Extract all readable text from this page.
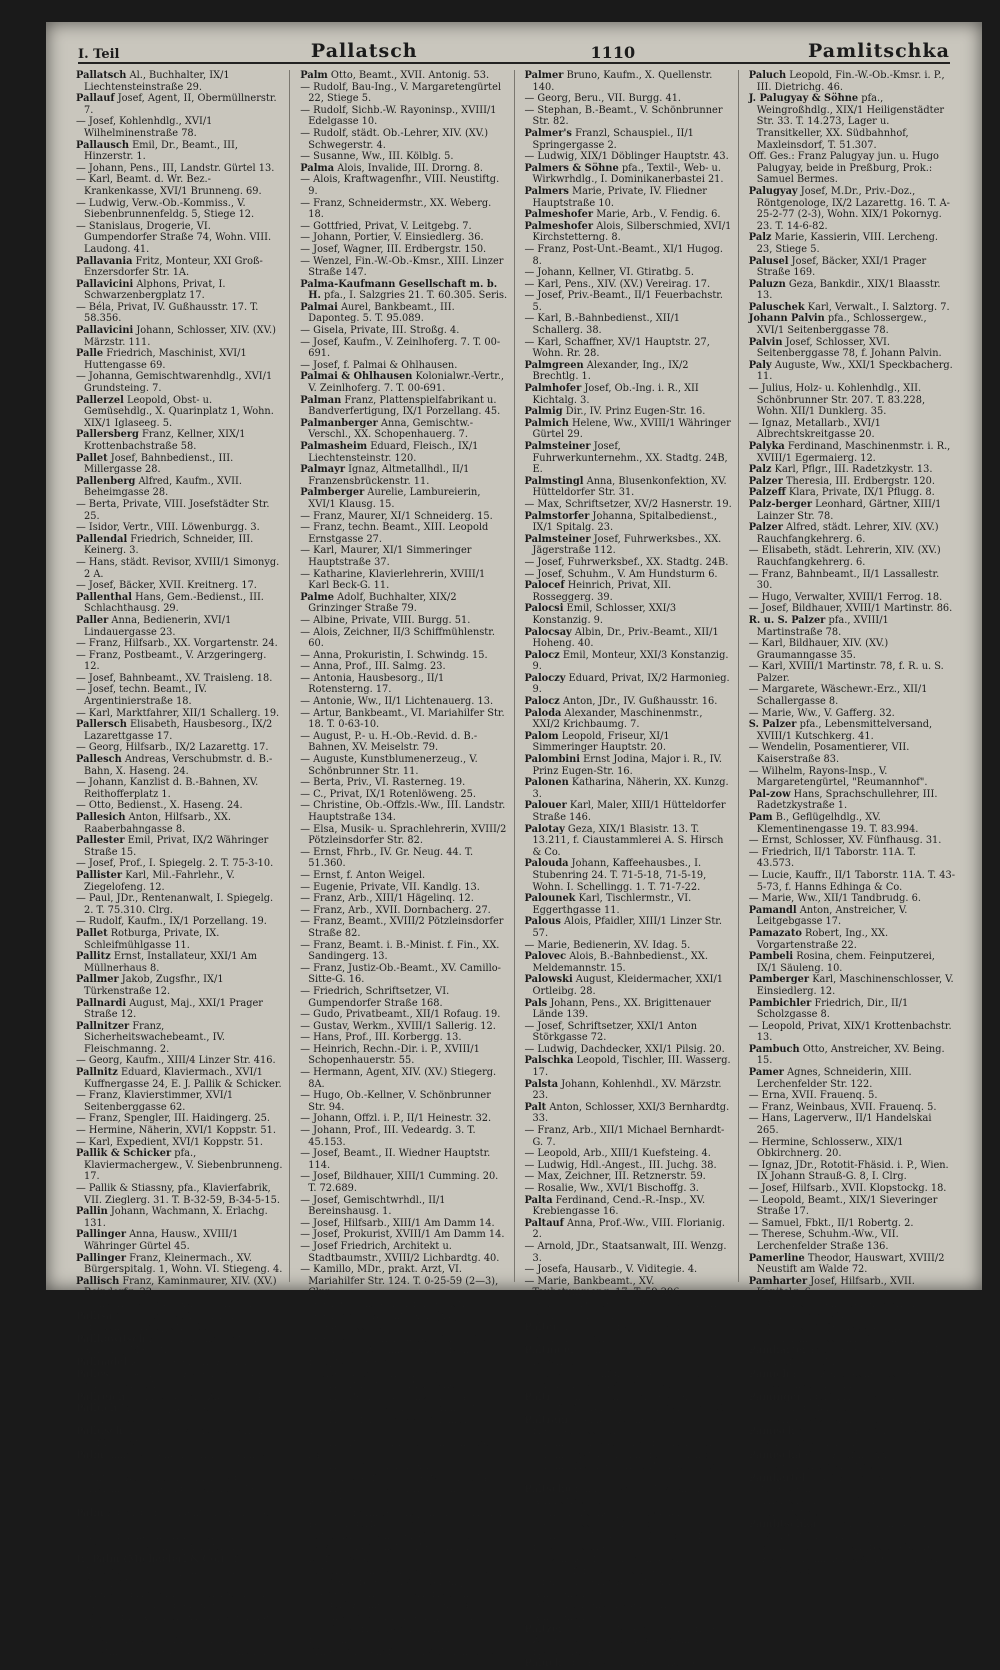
I. Teil	Pallatsch	1110	Pamlitschka

Pallatsch Al., Buchhalter, IX/1 Liechtensteinstraße 29.

Pallauf Josef, Agent, II, Obermüllnerstr. 7.

— Josef, Kohlenhdlg., XVI/1 Wilhelminenstraße 78.

Pallausch Emil, Dr., Beamt., III, Hinzerstr. 1.

— Johann, Pens., III, Landstr. Gürtel 13.

— Karl, Beamt. d. Wr. Bez.-Krankenkasse, XVI/1 Brunneng. 69.

— Ludwig, Verw.-Ob.-Kommiss., V. Siebenbrunnenfeldg. 5, Stiege 12.

— Stanislaus, Drogerie, VI. Gumpendorfer Straße 74, Wohn. VIII. Laudong. 41.

Pallavania Fritz, Monteur, XXI Groß-Enzersdorfer Str. 1A.

Pallavicini Alphons, Privat, I. Schwarzenbergplatz 17.

— Béla, Privat, IV. Gußhausstr. 17. T. 58.356.

Pallavicini Johann, Schlosser, XIV. (XV.) Märzstr. 111.

Palle Friedrich, Maschinist, XVI/1 Huttengasse 69.

— Johanna, Gemischtwarenhdlg., XVI/1 Grundsteing. 7.

Pallerzel Leopold, Obst- u. Gemüsehdlg., X. Quarinplatz 1, Wohn. XIX/1 Iglaseeg. 5.

Pallersberg Franz, Kellner, XIX/1 Krottenbachstraße 58.

Pallet Josef, Bahnbedienst., III. Millergasse 28.

Pallenberg Alfred, Kaufm., XVII. Beheimgasse 28.

— Berta, Private, VIII. Josefstädter Str. 25.

— Isidor, Vertr., VIII. Löwenburgg. 3.

Pallendal Friedrich, Schneider, III. Keinerg. 3.

— Hans, städt. Revisor, XVIII/1 Simonyg. 2 A.

— Josef, Bäcker, XVII. Kreitnerg. 17.

Pallenthal Hans, Gem.-Bedienst., III. Schlachthausg. 29.

Paller Anna, Bedienerin, XVI/1 Lindauergasse 23.

— Franz, Hilfsarb., XX. Vorgartenstr. 24.

— Franz, Postbeamt., V. Arzgeringerg. 12.

— Josef, Bahnbeamt., XV. Traisleng. 18.

— Josef, techn. Beamt., IV. Argentinierstraße 18.

— Karl, Marktfahrer, XII/1 Schallerg. 19.

Pallersch Elisabeth, Hausbesorg., IX/2 Lazarettgasse 17.

— Georg, Hilfsarb., IX/2 Lazarettg. 17.

Pallesch Andreas, Verschubmstr. d. B.-Bahn, X. Haseng. 24.

— Johann, Kanzlist d. B.-Bahnen, XV. Reithofferplatz 1.

— Otto, Bedienst., X. Haseng. 24.

Pallesich Anton, Hilfsarb., XX. Raaberbahngasse 8.

Pallester Emil, Privat, IX/2 Währinger Straße 15.

— Josef, Prof., I. Spiegelg. 2. T. 75-3-10.

Pallister Karl, Mil.-Fahrlehr., V. Ziegelofeng. 12.

— Paul, JDr., Rentenanwalt, I. Spiegelg. 2. T. 75.310. Clrg.

— Rudolf, Kaufm., IX/1 Porzellang. 19.

Pallet Rotburga, Private, IX. Schleifmühlgasse 11.

Pallitz Ernst, Installateur, XXI/1 Am Müllnerhaus 8.

Pallmer Jakob, Zugsfhr., IX/1 Türkenstraße 12.

Pallnardi August, Maj., XXI/1 Prager Straße 12.

Pallnitzer Franz, Sicherheitswachebeamt., IV. Fleischmanng. 2.

— Georg, Kaufm., XIII/4 Linzer Str. 416.

Pallnitz Eduard, Klaviermach., XVI/1 Kuffnergasse 24, E. J. Pallik & Schicker.

— Franz, Klavierstimmer, XVI/1 Seitenberggasse 62.

— Franz, Spengler, III. Haidingerg. 25.

— Hermine, Näherin, XVI/1 Koppstr. 51.

— Karl, Expedient, XVI/1 Koppstr. 51.

Pallik & Schicker pfa., Klaviermachergew., V. Siebenbrunneng. 17.

— Pallik & Stiassny, pfa., Klavierfabrik, VII. Zieglerg. 31. T. B-32-59, B-34-5-15.

Pallin Johann, Wachmann, X. Erlachg. 131.

Pallinger Anna, Hausw., XVIII/1 Währinger Gürtel 45.

Pallinger Franz, Kleinermach., XV. Bürgerspitalg. 1, Wohn. VI. Stiegeng. 4.

Pallisch Franz, Kaminmaurer, XIV. (XV.) Reindorfg. 22.

— Johann, Gerüster, XX. Spaung. 22.

Pallisa Nikolaus, Kaufm., XIII/1 Hietzinger Hauptstr. 109.

Pallkowitsch Friedrich, Installateur, XIV.(XV.) Märzstr. 80.

Pallnadel Karl, Dreher, III. Keinerg. 3.

Pallos Leopold Paul, Kapellmstr., IV. Mittersteig 3A.

Pallreich A., Private, VII. Zieglerg. 47.

Palluch Marie, Papierhdlg., XVIII/1 Gentzgasse 118.

Pallusch Alois, Fuhrwerksbes., XIII/1 Wiffingerstr. 29.

Palm Anna, Wäscherin, XIX/1 Sollingerg. 23.

— Anton, Buchdrucker, IX/1 Badg. 1.

— Hermine, Papierhdlg., XVIII/1 Genzg. 69.

Palm Eduard, Hdl.-Agent, III. Hörnesg. 17.

— Elsa, Bildnerin, XIX/1 Pokornyg. 5.

— Gabriele, Gesch., XIX/1 Pokornyg. 5.

H. Palm (Michaelerl & Co.) pfa., Amtsschild- u. Wappenmaler, I. Karlsplatz 3.

— Harald, Priv., XIX/1 Pokornyg. 13. T. 71-5-51, Wohn. I. Rollzeile 25.

— Karl, Hdl.-Agentur, XVIII/1 Währinger Straße 138.

— Marie, Priv., XX. Kroatang. 17.

— Mathilde, Private, IV. Favoritenstr. 2.

Palm Otto, Beamt., XVII. Antonig. 53.

— Rudolf, Bau-Ing., V. Margaretengürtel 22, Stiege 5.

— Rudolf, Sichb.-W. Rayoninsp., XVIII/1 Edelgasse 10.

— Rudolf, städt. Ob.-Lehrer, XIV. (XV.) Schwegerstr. 4.

— Susanne, Ww., III. Kölblg. 5.

Palma Alois, Invalide, III. Drorng. 8.

— Alois, Kraftwagenfhr., VIII. Neustiftg. 9.

— Franz, Schneidermstr., XX. Weberg. 18.

— Gottfried, Privat, V. Leitgebg. 7.

— Johann, Portier, V. Einsiedlerg. 36.

— Josef, Wagner, III. Erdbergstr. 150.

— Wenzel, Fin.-W.-Ob.-Kmsr., XIII. Linzer Straße 147.

Palma-Kaufmann Gesellschaft m. b. H. pfa., I. Salzgries 21. T. 60.305. Seris.

Palmai Aurel, Bankbeamt., III. Daponteg. 5. T. 95.089.

— Gisela, Private, III. Stroßg. 4.

— Josef, Kaufm., V. Zeinlhoferg. 7. T. 00-691.

— Josef, f. Palmai & Ohlhausen.

Palmai & Ohlhausen Kolonialwr.-Vertr., V. Zeinlhoferg. 7. T. 00-691.

Palman Franz, Plattenspielfabrikant u. Bandverfertigung, IX/1 Porzellang. 45.

Palmanberger Anna, Gemischtw.-Verschl., XX. Schopenhauerg. 7.

Palmasheim Eduard, Fleisch., IX/1 Liechtensteinstr. 120.

Palmayr Ignaz, Altmetallhdl., II/1 Franzensbrückenstr. 11.

Palmberger Aurelie, Lambureierin, XVI/1 Klausg. 15.

— Franz, Maurer, XI/1 Schneiderg. 15.

— Franz, techn. Beamt., XIII. Leopold Ernstgasse 27.

— Karl, Maurer, XI/1 Simmeringer Hauptstraße 37.

— Katharine, Klavierlehrerin, XVIII/1 Karl Beck-G. 11.

Palme Adolf, Buchhalter, XIX/2 Grinzinger Straße 79.

— Albine, Private, VIII. Burgg. 51.

— Alois, Zeichner, II/3 Schiffmühlenstr. 60.

— Anna, Prokuristin, I. Schwindg. 15.

— Anna, Prof., III. Salmg. 23.

— Antonia, Hausbesorg., II/1 Rotensterng. 17.

— Antonie, Ww., II/1 Lichtenauerg. 13.

— Artur, Bankbeamt., VI. Mariahilfer Str. 18. T. 0-63-10.

— August, P.- u. H.-Ob.-Revid. d. B.-Bahnen, XV. Meiselstr. 79.

— Auguste, Kunstblumenerzeug., V. Schönbrunner Str. 11.

— Berta, Priv., VI. Rasterneg. 19.

— C., Privat, IX/1 Rotenlöweng. 25.

— Christine, Ob.-Offzls.-Ww., III. Landstr. Hauptstraße 134.

— Elsa, Musik- u. Sprachlehrerin, XVIII/2 Pötzleinsdorfer Str. 82.

— Ernst, Fhrb., IV. Gr. Neug. 44. T. 51.360.

— Ernst, f. Anton Weigel.

— Eugenie, Private, VII. Kandlg. 13.

— Franz, Arb., XIII/1 Hägelinq. 12.

— Franz, Arb., XVII. Dornbacherg. 27.

— Franz, Beamt., XVIII/2 Pötzleinsdorfer Straße 82.

— Franz, Beamt. i. B.-Minist. f. Fin., XX. Sandingerg. 13.

— Franz, Justiz-Ob.-Beamt., XV. Camillo-Sitte-G. 16.

— Friedrich, Schriftsetzer, VI. Gumpendorfer Straße 168.

— Gudo, Privatbeamt., XII/1 Rofaug. 19.

— Gustav, Werkm., XVIII/1 Sallerig. 12.

— Hans, Prof., III. Korbergg. 13.

— Heinrich, Rechn.-Dir. i. P., XVIII/1 Schopenhauerstr. 55.

— Hermann, Agent, XIV. (XV.) Stiegerg. 8A.

— Hugo, Ob.-Kellner, V. Schönbrunner Str. 94.

— Johann, Offzl. i. P., II/1 Heinestr. 32.

— Johann, Prof., III. Vedeardg. 3. T. 45.153.

— Josef, Beamt., II. Wiedner Hauptstr. 114.

— Josef, Bildhauer, XIII/1 Cumming. 20. T. 72.689.

— Josef, Gemischtwrhdl., II/1 Bereinshausg. 1.

— Josef, Hilfsarb., XIII/1 Am Damm 14.

— Josef, Prokurist, XVIII/1 Am Damm 14.

— Josef Friedrich, Architekt u. Stadtbaumstr., XVIII/2 Lichbardtg. 40.

— Kamillo, MDr., prakt. Arzt, VI. Mariahilfer Str. 124. T. 0-25-59 (2—3), Clrg.

— Karl, Ob.-Insp., II/1 Engerthstr. 215.

— Karl, städt. Beamt., XIV. (XV.) Stiegergasse 28.

— Karl, Weber, XI/1 Neugebäude 102.

— Ladislaus, Zeichner, XVII. Hern. Hauptstraße 66.

— Luise, Pens., XIII/1 Tuersg. 7.

— Maria, Private, VI. Brückeng. 2.

— Marie, Beamt., VI. Chwallag. 4.

— Marie, Maj.-Ww., I. Bauernmarkt 1.

— Marie, Offzl.-Ww., XX. Goldmüllerg. 10.

— Marie, Private, IX/1 Ob. Amtshausg. 24.

— Marie, Schneiderin, XII/2 Altmannsdorfer Straße Parzelle 344.

— Marie, Tab.-Traf., XXI/1 Erzherzog Karl-Straße 52.

— Moritz, Bank-Ob.-Inspekt. i. P., XVIII/1 Pötzleinsdorfer Str. 68.

— Otto, Dr., Beamt., Prof. a. d. techn. gewerbl. Lehranst. i. Bez., XIII/1 Diefterwegg. 6.

— Ottokar, Schulwart, X. Thavonag. 20.

— Richard, Beamt., IV. Brückenq. 1.

— Rosa, Weißnäherin, XV. Hackeng. 33.

— Rudolf, Kellner, XX. Othmarg. 40.

— Sophie, Ww., XXI/1 Johannesg. 1.

— Stefanie, Hausbesorg., XIII/3 Hägeling. 12.

— Thea, Wirtschafterin, IV. Schönburgstr. 46.

Palmer Bruno, Kaufm., X. Quellenstr. 140.

— Georg, Beru., VII. Burgg. 41.

— Stephan, B.-Beamt., V. Schönbrunner Str. 82.

Palmer's Franzl, Schauspiel., II/1 Springergasse 2.

— Ludwig, XIX/1 Döblinger Hauptstr. 43.

Palmers & Söhne pfa., Textil-, Web- u. Wirkwrhdlg., I. Dominikanerbastei 21.

Palmers Marie, Private, IV. Fliedner Hauptstraße 10.

Palmeshofer Marie, Arb., V. Fendig. 6.

Palmeshofer Alois, Silberschmied, XVI/1 Kirchstetterng. 8.

— Franz, Post-Unt.-Beamt., XI/1 Hugog. 8.

— Johann, Kellner, VI. Gtiratbg. 5.

— Karl, Pens., XIV. (XV.) Vereirag. 17.

— Josef, Priv.-Beamt., II/1 Feuerbachstr. 5.

— Karl, B.-Bahnbedienst., XII/1 Schallerg. 38.

— Karl, Schaffner, XV/1 Hauptstr. 27, Wohn. Rr. 28.

Palmgreen Alexander, Ing., IX/2 Brechtlg. 1.

Palmhofer Josef, Ob.-Ing. i. R., XII Kichtalg. 3.

Palmig Dir., IV. Prinz Eugen-Str. 16.

Palmich Helene, Ww., XVIII/1 Währinger Gürtel 29.

Palmsteiner Josef, Fuhrwerkunternehm., XX. Stadtg. 24B, E.

Palmstingl Anna, Blusenkonfektion, XV. Hütteldorfer Str. 31.

— Max, Schriftsetzer, XV/2 Hasnerstr. 19.

Palmstorfer Johanna, Spitalbedienst., IX/1 Spitalg. 23.

Palmsteiner Josef, Fuhrwerksbes., XX. Jägerstraße 112.

— Josef, Fuhrwerksbef., XX. Stadtg. 24B.

— Josef, Schuhm., V. Am Hundsturm 6.

Palocef Heinrich, Privat, XII. Rosseggerg. 39.

Palocsi Emil, Schlosser, XXI/3 Konstanzig. 9.

Palocsay Albin, Dr., Priv.-Beamt., XII/1 Hoheng. 40.

Palocz Emil, Monteur, XXI/3 Konstanzig. 9.

Paloczy Eduard, Privat, IX/2 Harmonieg. 9.

Palocz Anton, JDr., IV. Gußhausstr. 16.

Paloda Alexander, Maschinenmstr., XXI/2 Krichbaumg. 7.

Palom Leopold, Friseur, XI/1 Simmeringer Hauptstr. 20.

Palombini Ernst Jodina, Major i. R., IV. Prinz Eugen-Str. 16.

Palonen Katharina, Näherin, XX. Kunzg. 3.

Palouer Karl, Maler, XIII/1 Hütteldorfer Straße 146.

Palotay Geza, XIX/1 Blasistr. 13. T. 13.211, f. Ciaustammlerei A. S. Hirsch & Co.

Palouda Johann, Kaffeehausbes., I. Stubenring 24. T. 71-5-18, 71-5-19, Wohn. I. Schellingg. 1. T. 71-7-22.

Palounek Karl, Tischlermstr., VI. Eggerthgasse 11.

Palous Alois, Pfaidler, XIII/1 Linzer Str. 57.

— Marie, Bedienerin, XV. Idag. 5.

Palovec Alois, B.-Bahnbedienst., XX. Meldemannstr. 15.

Palowski August, Kleidermacher, XXI/1 Ortleibg. 28.

Pals Johann, Pens., XX. Brigittenauer Lände 139.

— Josef, Schriftsetzer, XXI/1 Anton Störkgasse 72.

— Ludwig, Dachdecker, XXI/1 Pilsig. 20.

Palschka Leopold, Tischler, III. Wasserg. 17.

Palsta Johann, Kohlenhdl., XV. Märzstr. 23.

Palt Anton, Schlosser, XXI/3 Bernhardtg. 33.

— Franz, Arb., XII/1 Michael Bernhardt-G. 7.

— Leopold, Arb., XIII/1 Kuefsteing. 4.

— Ludwig, Hdl.-Angest., III. Juchg. 38.

— Max, Zeichner, III. Retznerstr. 59.

— Rosalie, Ww., XVI/1 Bischoffg. 3.

Palta Ferdinand, Cend.-R.-Insp., XV. Krebiengasse 16.

Paltauf Anna, Prof.-Ww., VIII. Florianig. 2.

— Arnold, JDr., Staatsanwalt, III. Wenzg. 3.

— Josefa, Hausarb., V. Viditegie. 4.

— Marie, Bankbeamt., XV. Taubstummeng. 17. T. 59.296.

— Rudolf, JDr., Ob.-L.-Ger.-Präs. i. P., III. Wenzg. 3. T. 56.232.

Palter Alexander, Beamt., XX/1 Währinger Gürtel 170.

Paltinger Lothar, Priv., VIII. Lövenburgg. 12.

— Ludwig, Ctoinfdr., IV. Joh. Straußg. 15.

— Mizi, Private, IV. Joh. Strauß-G. 15.

Palti Johann, Maurer, VII. Rasierstr. 40.

— Josef, Maurer, XVI/1 Weinheimerg. 20.

Paltram Cäcilie, Tischlerw., XV. Herklotzgasse 32.

— Franz, Bandagist, XV. Herklotzg. 32.

— Franz, Metzer, V. Am Hundsturm 6.

— Franz, Tischler, XIII/3 Baumgartenstr. 35.

Paltscho Emilie, Beamt.-Ww., XII/1 Arndtstraße 36.

— Ernst Paltscho, pfa., Juwelier, I. Spiegelgasse 13. T. 76.501.

— Ernst, IV. Goldegg. 7. T. 55.571, f. Ernst Paltscho.

— Erwin, Kaufm., IV. Wohlleben. 8. T. 76.187, f. Ernst Paltscho.

— Hermann, Priv.-Beamt., XII/1 Amalienstraße 33.

— Karl, Punzenschläger, XIII/1 Amalienstraße 29.

Paltzer Otto, Dr., Notornder, III. Hintere Zollamtsstr. 3. T. 91-2-45, Wohn. I. Habsburgerg. 7.

Paluch Ida, Priv., III. Dietrichg. 46.

Paluch Leopold, Fin.-W.-Ob.-Kmsr. i. P., III. Dietrichg. 46.

J. Palugyay & Söhne pfa., Weingroßhdlg., XIX/1 Heiligenstädter Str. 33. T. 14.273, Lager u. Transitkeller, XX. Südbahnhof, Maxleinsdorf, T. 51.307.

Off. Ges.: Franz Palugyay jun. u. Hugo Palugyay, beide in Preßburg, Prok.: Samuel Bermes.

Palugyay Josef, M.Dr., Priv.-Doz., Röntgenologe, IX/2 Lazarettg. 16. T. A-25-2-77 (2-3), Wohn. XIX/1 Pokornyg. 23. T. 14-6-82.

Palz Marie, Kassierin, VIII. Lercheng. 23, Stiege 5.

Palusel Josef, Bäcker, XXI/1 Prager Straße 169.

Paluzn Geza, Bankdir., XIX/1 Blaasstr. 13.

Paluschek Karl, Verwalt., I. Salztorg. 7.

Johann Palvin pfa., Schlossergew., XVI/1 Seitenberggasse 78.

Palvin Josef, Schlosser, XVI. Seitenberggasse 78, f. Johann Palvin.

Paly Auguste, Ww., XXI/1 Speckbacherg. 11.

— Julius, Holz- u. Kohlenhdlg., XII. Schönbrunner Str. 207. T. 83.228, Wohn. XII/1 Dunklerg. 35.

— Ignaz, Metallarb., XVI/1 Albrechtskreitgasse 20.

Palyka Ferdinand, Maschinenmstr. i. R., XVIII/1 Egermaierg. 12.

Palz Karl, Pflgr., III. Radetzkystr. 13.

Palzer Theresia, III. Erdbergstr. 120.

Palzeff Klara, Private, IX/1 Pflugg. 8.

Palz-berger Leonhard, Gärtner, XIII/1 Lainzer Str. 78.

Palzer Alfred, städt. Lehrer, XIV. (XV.) Rauchfangkehrerg. 6.

— Elisabeth, städt. Lehrerin, XIV. (XV.) Rauchfangkehrerg. 6.

— Franz, Bahnbeamt., II/1 Lassallestr. 30.

— Hugo, Verwalter, XVIII/1 Ferrog. 18.

— Josef, Bildhauer, XVIII/1 Martinstr. 86.

R. u. S. Palzer pfa., XVIII/1 Martinstraße 78.

— Karl, Bildhauer, XIV. (XV.) Graumanngasse 35.

— Karl, XVIII/1 Martinstr. 78, f. R. u. S. Palzer.

— Margarete, Wäschewr.-Erz., XII/1 Schallergasse 8.

— Marie, Ww., V. Gafferg. 32.

S. Palzer pfa., Lebensmittelversand, XVIII/1 Kutschkerg. 41.

— Wendelin, Posamentierer, VII. Kaiserstraße 83.

— Wilhelm, Rayons-Insp., V. Margaretengürtel, "Reumannhof".

Pal-zow Hans, Sprachschullehrer, III. Radetzkystraße 1.

Pam B., Geflügelhdlg., XV. Klementinengasse 19. T. 83.994.

— Ernst, Schlosser, XV. Fünfhausg. 31.

— Friedrich, II/1 Taborstr. 11A. T. 43.573.

— Lucie, Kauffr., II/1 Taborstr. 11A. T. 43-5-73, f. Hanns Edhinga & Co.

— Marie, Ww., XII/1 Tandbrudg. 6.

Pamandl Anton, Anstreicher, V. Leitgebgasse 17.

Pamazato Robert, Ing., XX. Vorgartenstraße 22.

Pambeli Rosina, chem. Feinputzerei, IX/1 Säuleng. 10.

Pamberger Karl, Maschinenschlosser, V. Einsiedlerg. 12.

Pambichler Friedrich, Dir., II/1 Scholzgasse 8.

— Leopold, Privat, XIX/1 Krottenbachstr. 13.

Pambuch Otto, Anstreicher, XV. Being. 15.

Pamer Agnes, Schneiderin, XIII. Lerchenfelder Str. 122.

— Erna, XVII. Frauenq. 5.

— Franz, Weinbaus, XVII. Frauenq. 5.

— Hans, Lagerverw., II/1 Handelskai 265.

— Hermine, Schlosserw., XIX/1 Obkirchnerg. 20.

— Ignaz, JDr., Rototit-Fhäsid. i. P., Wien. IX Johann Strauß-G. 8, I. Clrg.

— Josef, Hilfsarb., XVII. Klopstockg. 18.

— Leopold, Beamt., XIX/1 Sieveringer Straße 17.

— Samuel, Fbkt., II/1 Robertg. 2.

— Therese, Schuhm.-Ww., VII. Lerchenfelder Straße 136.

Pamerline Theodor, Hauswart, XVIII/2 Neustift am Walde 72.

Pamharter Josef, Hilfsarb., XVII. Kapitelg. 6.

— Matthias, Buchdrucker, XVIII/1 Wienerbergstraße 8.

— Matthias, Kaffeehausbes., II/1 Lilienbrunngasse 21. T. Wohn. Rr. 17.

Pamharter Pauline, Konditorei, XXI/4 Donaufelder Str. 185.

Pamich Paul, Zeitungsherausgeber, III. Messenhauserg. 11.

Paminger Adolf, Privat, XV/1 Caudenzdorfer Gürtel 18.

— Josefine, Ww., XIII/1 Gudrung. 21.

Pamisch Marie, Ob.-Rechn.-Rat-Ww., XVII. Mühlenderg. 2.

Pamischa Karl, Kaufm., XX. Klosterneuburger Straße 107.

Pamkartel Josef, Hausbesorg., XVII. Rosensteing. 78.

— Theresia, Tabaktraf., II/1 Wolmutstraße 8.

Pamlitschka Barbara, Milchmeierin, XVI/1 Ottakringer Str. 206.

— Franz, Schlosser, XV. Bischoffg. 16.

— Karl, Milchmeier, XVI/1 Ottakringer Straße 206.
